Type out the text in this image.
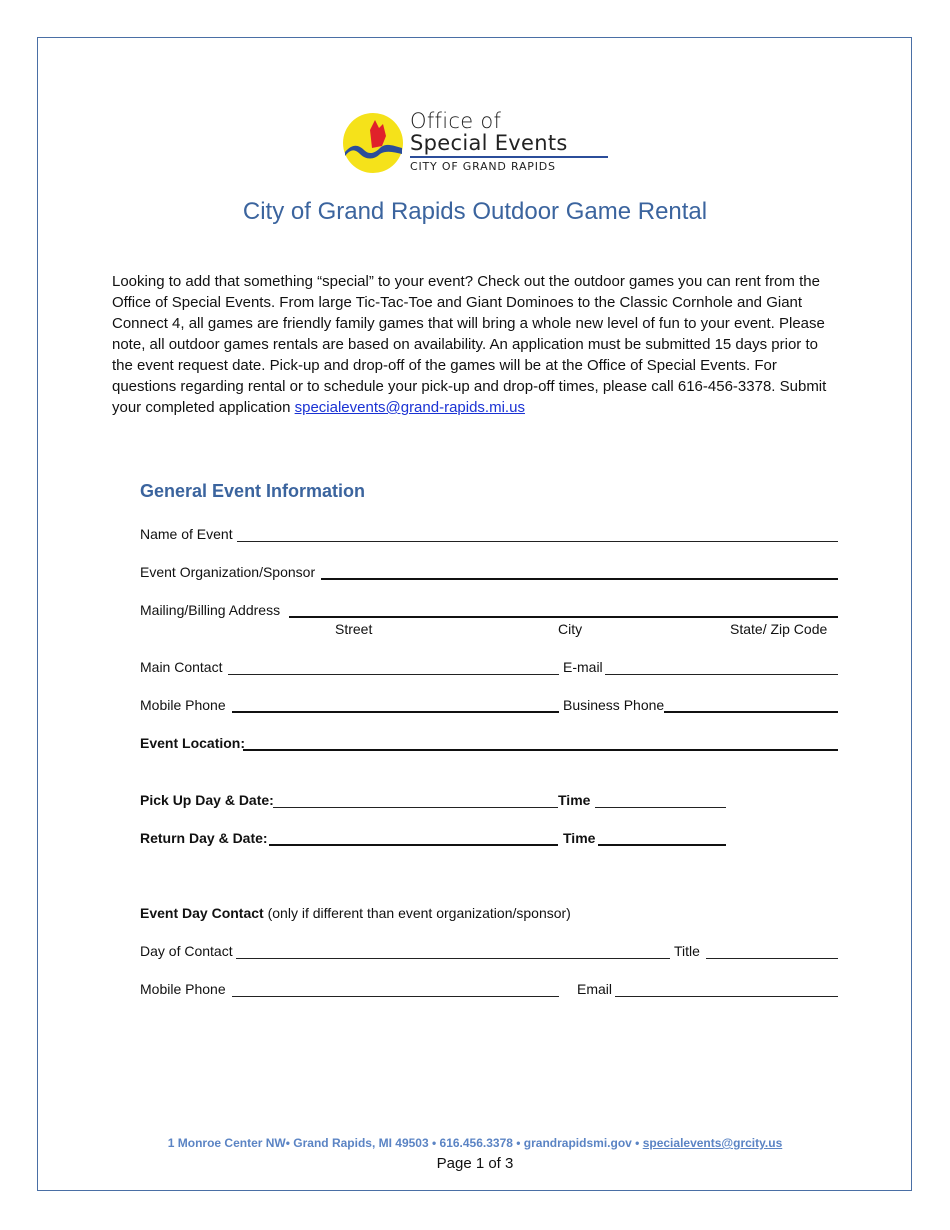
Office of
Special Events
CITY OF GRAND RAPIDS
City of Grand Rapids Outdoor Game Rental
Looking to add that something “special” to your event? Check out the outdoor games you can rent from the Office of Special Events. From large Tic-Tac-Toe and Giant Dominoes to the Classic Cornhole and Giant Connect 4, all games are friendly family games that will bring a whole new level of fun to your event. Please note, all outdoor games rentals are based on availability. An application must be submitted 15 days prior to the event request date. Pick-up and drop-off of the games will be at the Office of Special Events. For questions regarding rental or to schedule your pick-up and drop-off times, please call 616-456-3378. Submit your completed application specialevents@grand-rapids.mi.us
General Event Information
Name of Event
Event Organization/Sponsor
Mailing/Billing Address
Street	City	State/ Zip Code
Main Contact	E-mail
Mobile Phone	Business Phone
Event Location:
Pick Up Day & Date:	Time
Return Day & Date:	Time
Event Day Contact (only if different than event organization/sponsor)
Day of Contact	Title
Mobile Phone	Email
1 Monroe Center NW• Grand Rapids, MI 49503 • 616.456.3378 • grandrapidsmi.gov • specialevents@grcity.us
Page 1 of 3
